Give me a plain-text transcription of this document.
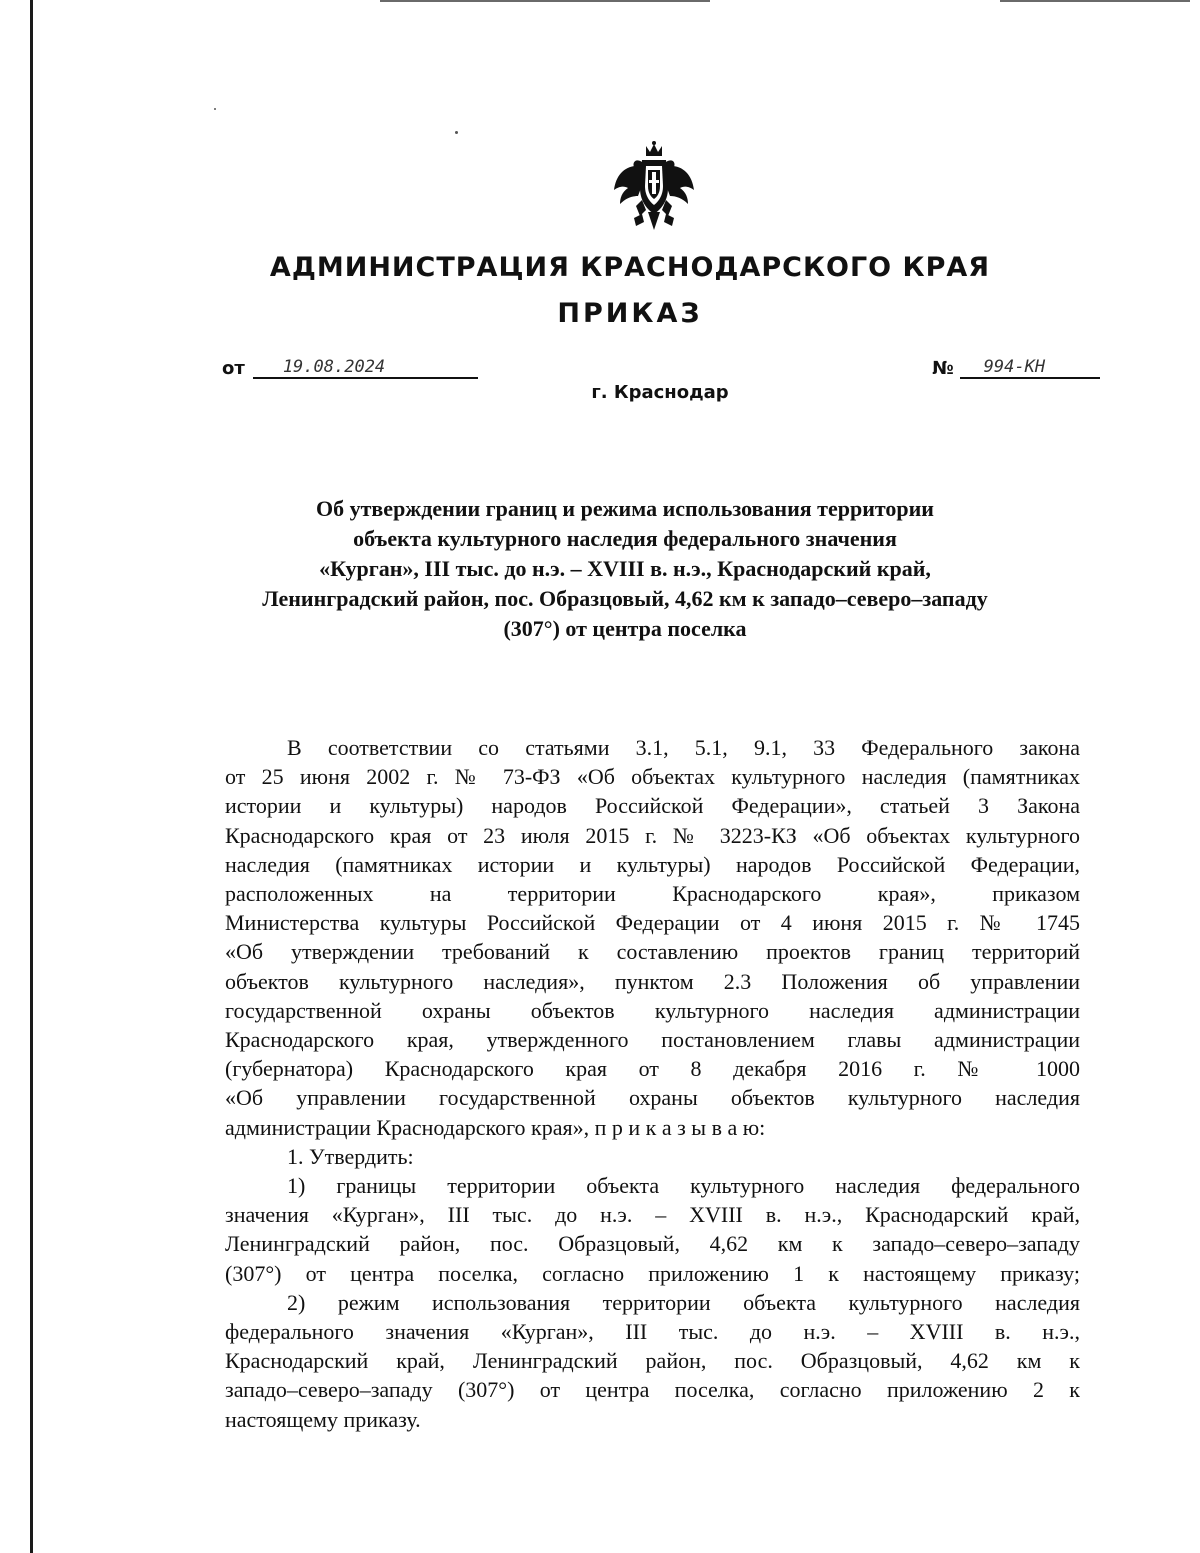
АДМИНИСТРАЦИЯ КРАСНОДАРСКОГО КРАЯ
ПРИКАЗ
от	19.08.2024	№	994-КН
г. Краснодар
Об утверждении границ и режима использования территории
объекта культурного наследия федерального значения
«Курган», III тыс. до н.э. – XVIII в. н.э., Краснодарский край,
Ленинградский район, пос. Образцовый, 4,62 км к западо–северо–западу
(307°) от центра поселка
В соответствии со статьями 3.1, 5.1, 9.1, 33 Федерального закона
от 25 июня 2002 г. № 73-ФЗ «Об объектах культурного наследия (памятниках
истории и культуры) народов Российской Федерации», статьей 3 Закона
Краснодарского края от 23 июля 2015 г. № 3223-КЗ «Об объектах культурного
наследия (памятниках истории и культуры) народов Российской Федерации,
расположенных на территории Краснодарского края», приказом
Министерства культуры Российской Федерации от 4 июня 2015 г. № 1745
«Об утверждении требований к составлению проектов границ территорий
объектов культурного наследия», пунктом 2.3 Положения об управлении
государственной охраны объектов культурного наследия администрации
Краснодарского края, утвержденного постановлением главы администрации
(губернатора) Краснодарского края от 8 декабря 2016 г. № 1000
«Об управлении государственной охраны объектов культурного наследия
администрации Краснодарского края», п р и к а з ы в а ю:
1. Утвердить:
1) границы территории объекта культурного наследия федерального
значения «Курган», III тыс. до н.э. – XVIII в. н.э., Краснодарский край,
Ленинградский район, пос. Образцовый, 4,62 км к западо–северо–западу
(307°) от центра поселка, согласно приложению 1 к настоящему приказу;
2) режим использования территории объекта культурного наследия
федерального значения «Курган», III тыс. до н.э. – XVIII в. н.э.,
Краснодарский край, Ленинградский район, пос. Образцовый, 4,62 км к
западо–северо–западу (307°) от центра поселка, согласно приложению 2 к
настоящему приказу.
